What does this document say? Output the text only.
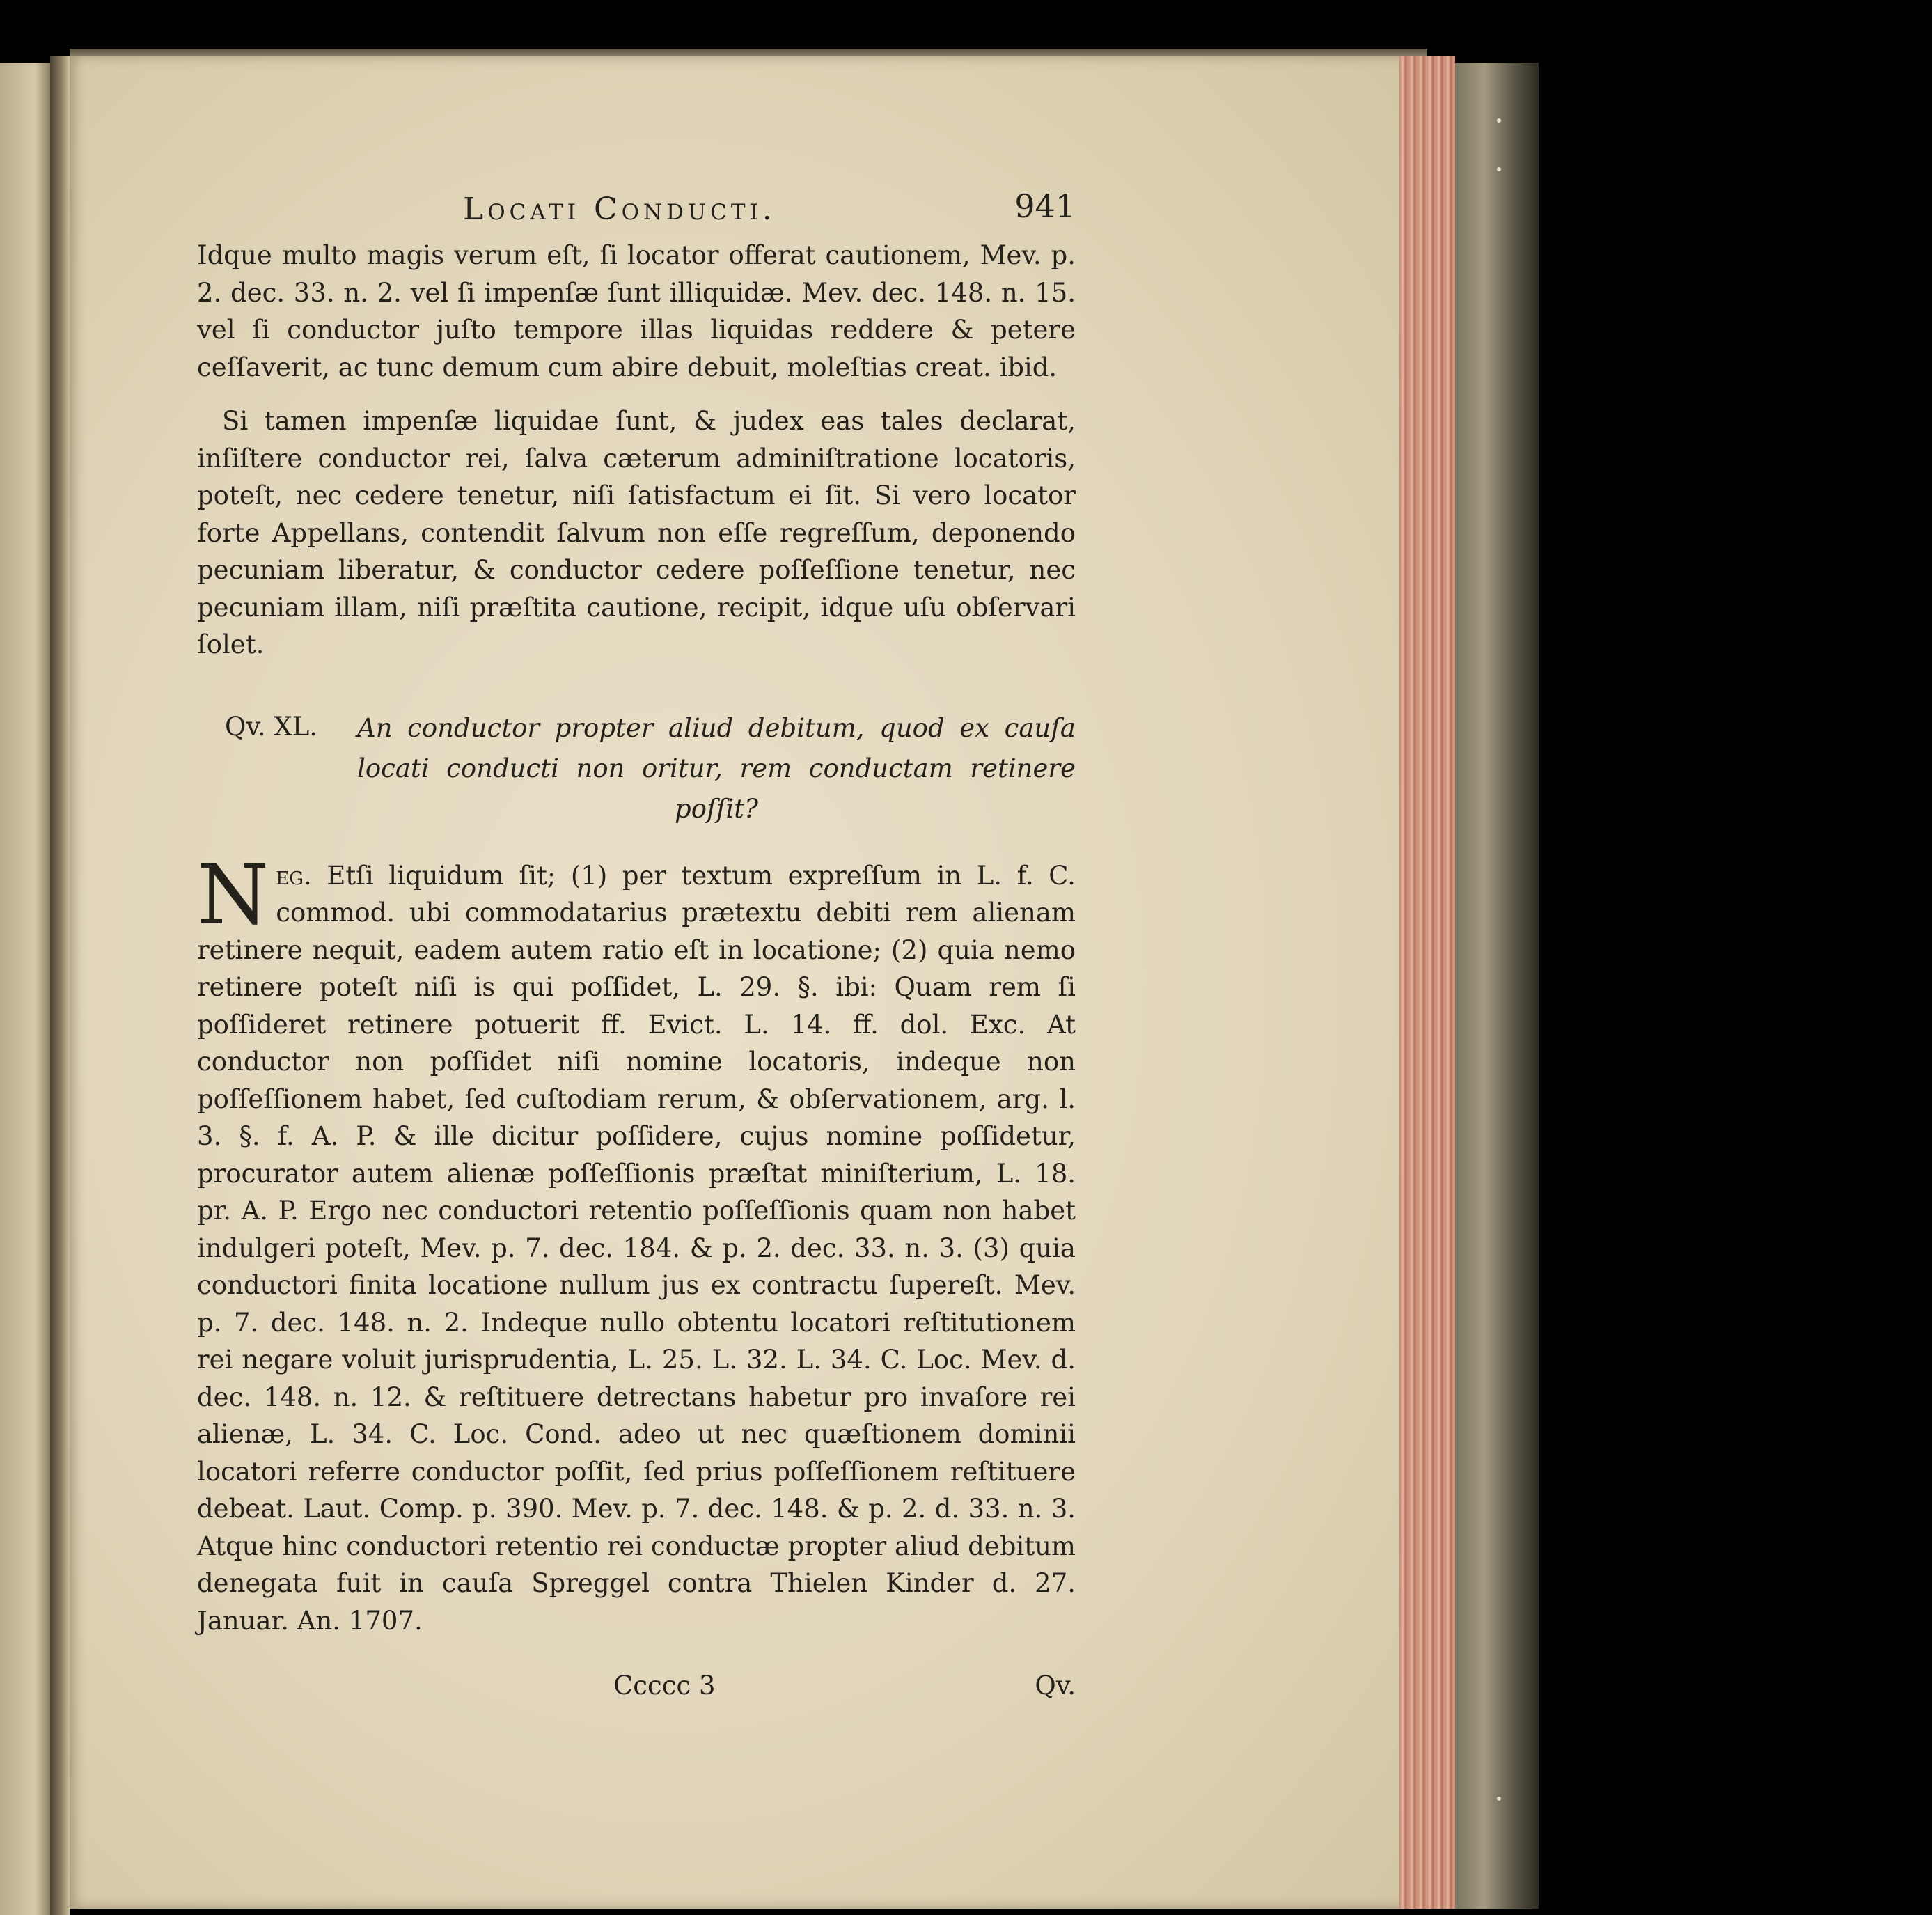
Locati Conducti.	941

Idque multo magis verum eſt, ſi locator offerat cautionem, Mev. p. 2. dec. 33. n. 2. vel ſi impenſæ ſunt illiquidæ. Mev. dec. 148. n. 15. vel ſi conductor juſto tempore illas liquidas reddere & petere ceſſaverit, ac tunc demum cum abire debuit, moleſtias creat. ibid.

Si tamen impenſæ liquidae ſunt, & judex eas tales declarat, inſiſtere conductor rei, ſalva cæterum adminiſtratione locatoris, poteſt, nec cedere tenetur, niſi ſatisfactum ei ſit. Si vero locator forte Appellans, contendit ſalvum non eſſe regreſſum, deponendo pecuniam liberatur, & conductor cedere poſſeſſione tenetur, nec pecuniam illam, niſi præſtita cautione, recipit, idque uſu obſervari ſolet.

Qv. XL. An conductor propter aliud debitum, quod ex cauſa locati conducti non oritur, rem conductam retinere poſſit?

Neg. Etſi liquidum ſit; (1) per textum expreſſum in L. f. C. commod. ubi commodatarius prætextu debiti rem alienam retinere nequit, eadem autem ratio eſt in locatione; (2) quia nemo retinere poteſt niſi is qui poſſidet, L. 29. §. ibi: Quam rem ſi poſſideret retinere potuerit ff. Evict. L. 14. ff. dol. Exc. At conductor non poſſidet niſi nomine locatoris, indeque non poſſeſſionem habet, ſed cuſtodiam rerum, & obſervationem, arg. l. 3. §. f. A. P. & ille dicitur poſſidere, cujus nomine poſſidetur, procurator autem alienæ poſſeſſionis præſtat miniſterium, L. 18. pr. A. P. Ergo nec conductori retentio poſſeſſionis quam non habet indulgeri poteſt, Mev. p. 7. dec. 184. & p. 2. dec. 33. n. 3. (3) quia conductori finita locatione nullum jus ex contractu ſupereſt. Mev. p. 7. dec. 148. n. 2. Indeque nullo obtentu locatori reſtitutionem rei negare voluit jurisprudentia, L. 25. L. 32. L. 34. C. Loc. Mev. d. dec. 148. n. 12. & reſtituere detrectans habetur pro invaſore rei alienæ, L. 34. C. Loc. Cond. adeo ut nec quæſtionem dominii locatori referre conductor poſſit, ſed prius poſſeſſionem reſtituere debeat. Laut. Comp. p. 390. Mev. p. 7. dec. 148. & p. 2. d. 33. n. 3. Atque hinc conductori retentio rei conductæ propter aliud debitum denegata fuit in cauſa Spreggel contra Thielen Kinder d. 27. Januar. An. 1707.

Ccccc 3	Qv.
